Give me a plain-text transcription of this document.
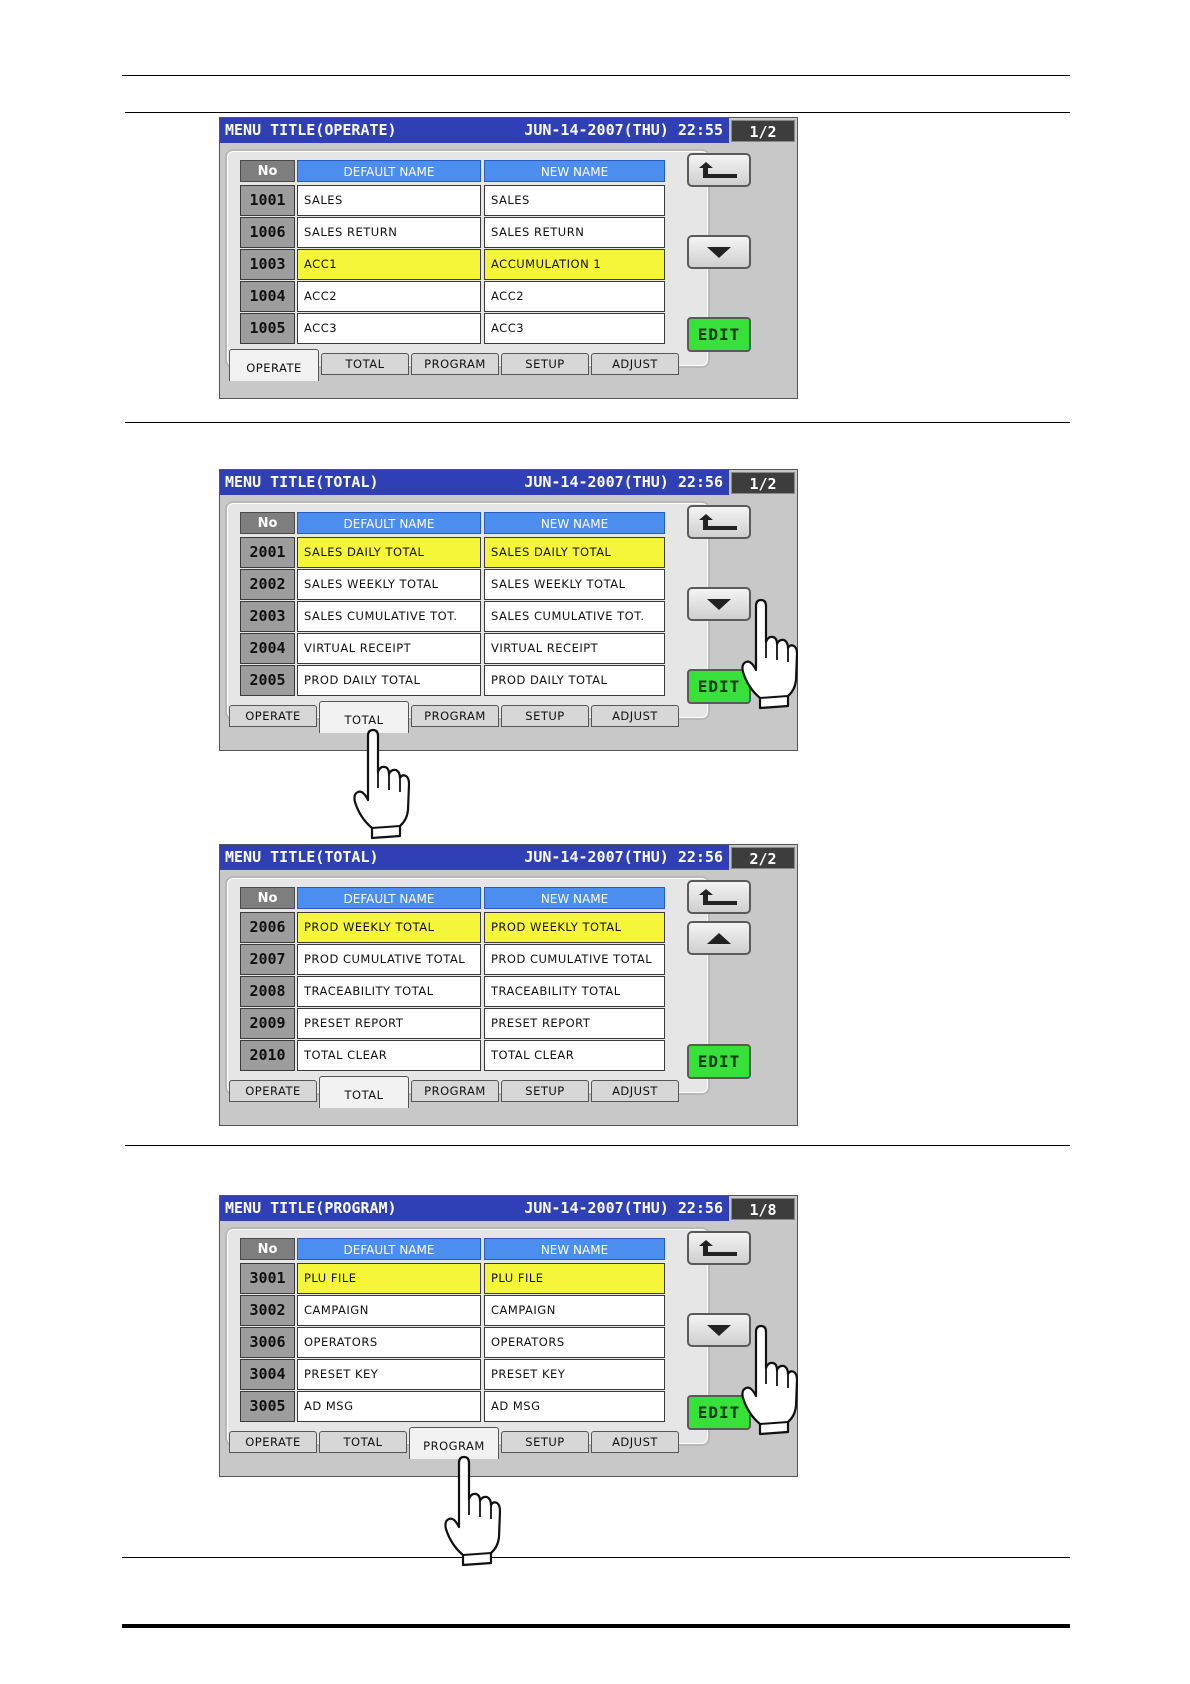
MENU TITLE(OPERATE)	JUN-14-2007(THU) 22:55	1/2
No	DEFAULT NAME	NEW NAME
1001	SALES	SALES
1006	SALES RETURN	SALES RETURN
1003	ACC1	ACCUMULATION 1
1004	ACC2	ACC2
1005	ACC3	ACC3
OPERATE	TOTAL	PROGRAM	SETUP	ADJUST
EDIT
MENU TITLE(TOTAL)	JUN-14-2007(THU) 22:56	1/2
No	DEFAULT NAME	NEW NAME
2001	SALES DAILY TOTAL	SALES DAILY TOTAL
2002	SALES WEEKLY TOTAL	SALES WEEKLY TOTAL
2003	SALES CUMULATIVE TOT.	SALES CUMULATIVE TOT.
2004	VIRTUAL RECEIPT	VIRTUAL RECEIPT
2005	PROD DAILY TOTAL	PROD DAILY TOTAL
OPERATE	TOTAL	PROGRAM	SETUP	ADJUST
EDIT
MENU TITLE(TOTAL)	JUN-14-2007(THU) 22:56	2/2
No	DEFAULT NAME	NEW NAME
2006	PROD WEEKLY TOTAL	PROD WEEKLY TOTAL
2007	PROD CUMULATIVE TOTAL	PROD CUMULATIVE TOTAL
2008	TRACEABILITY TOTAL	TRACEABILITY TOTAL
2009	PRESET REPORT	PRESET REPORT
2010	TOTAL CLEAR	TOTAL CLEAR
OPERATE	TOTAL	PROGRAM	SETUP	ADJUST
EDIT
MENU TITLE(PROGRAM)	JUN-14-2007(THU) 22:56	1/8
No	DEFAULT NAME	NEW NAME
3001	PLU FILE	PLU FILE
3002	CAMPAIGN	CAMPAIGN
3006	OPERATORS	OPERATORS
3004	PRESET KEY	PRESET KEY
3005	AD MSG	AD MSG
OPERATE	TOTAL	PROGRAM	SETUP	ADJUST
EDIT
